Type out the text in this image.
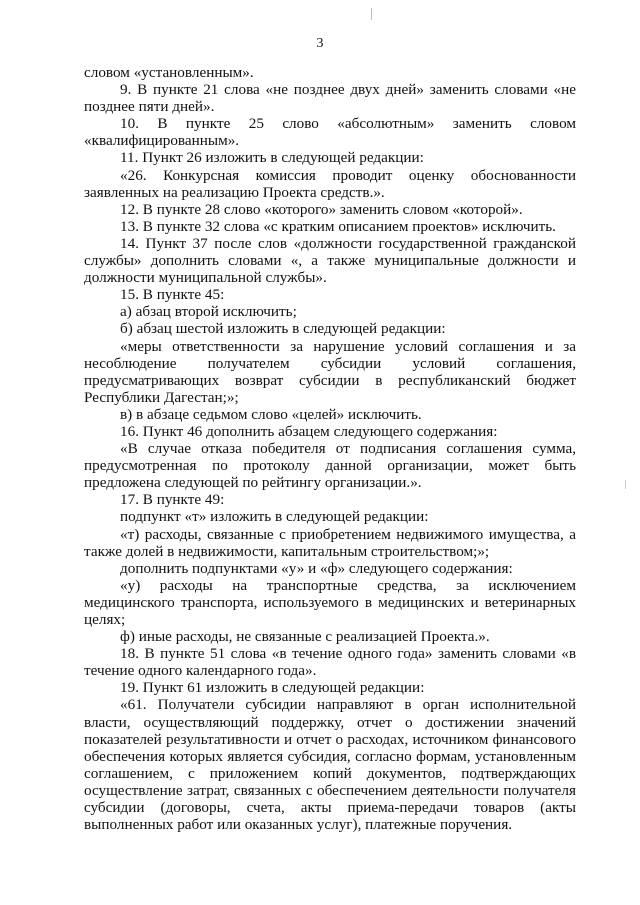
3

словом «установленным».

9. В пункте 21 слова «не позднее двух дней» заменить словами «не позднее пяти дней».

10. В пункте 25 слово «абсолютным» заменить словом «квалифицированным».

11. Пункт 26 изложить в следующей редакции:

«26. Конкурсная комиссия проводит оценку обоснованности заявленных на реализацию Проекта средств.».

12. В пункте 28 слово «которого» заменить словом «которой».

13. В пункте 32 слова «с кратким описанием проектов» исключить.

14. Пункт 37 после слов «должности государственной гражданской службы» дополнить словами «, а также муниципальные должности и должности муниципальной службы».

15. В пункте 45:

а) абзац второй исключить;

б) абзац шестой изложить в следующей редакции:

«меры ответственности за нарушение условий соглашения и за несоблюдение получателем субсидии условий соглашения, предусматривающих возврат субсидии в республиканский бюджет Республики Дагестан;»;

в) в абзаце седьмом слово «целей» исключить.

16. Пункт 46 дополнить абзацем следующего содержания:

«В случае отказа победителя от подписания соглашения сумма, предусмотренная по протоколу данной организации, может быть предложена следующей по рейтингу организации.».

17. В пункте 49:

подпункт «т» изложить в следующей редакции:

«т) расходы, связанные с приобретением недвижимого имущества, а также долей в недвижимости, капитальным строительством;»;

дополнить подпунктами «у» и «ф» следующего содержания:

«у) расходы на транспортные средства, за исключением медицинского транспорта, используемого в медицинских и ветеринарных целях;

ф) иные расходы, не связанные с реализацией Проекта.».

18. В пункте 51 слова «в течение одного года» заменить словами «в течение одного календарного года».

19. Пункт 61 изложить в следующей редакции:

«61. Получатели субсидии направляют в орган исполнительной власти, осуществляющий поддержку, отчет о достижении значений показателей результативности и отчет о расходах, источником финансового обеспечения которых является субсидия, согласно формам, установленным соглашением, с приложением копий документов, подтверждающих осуществление затрат, связанных с обеспечением деятельности получателя субсидии (договоры, счета, акты приема-передачи товаров (акты выполненных работ или оказанных услуг), платежные поручения.
